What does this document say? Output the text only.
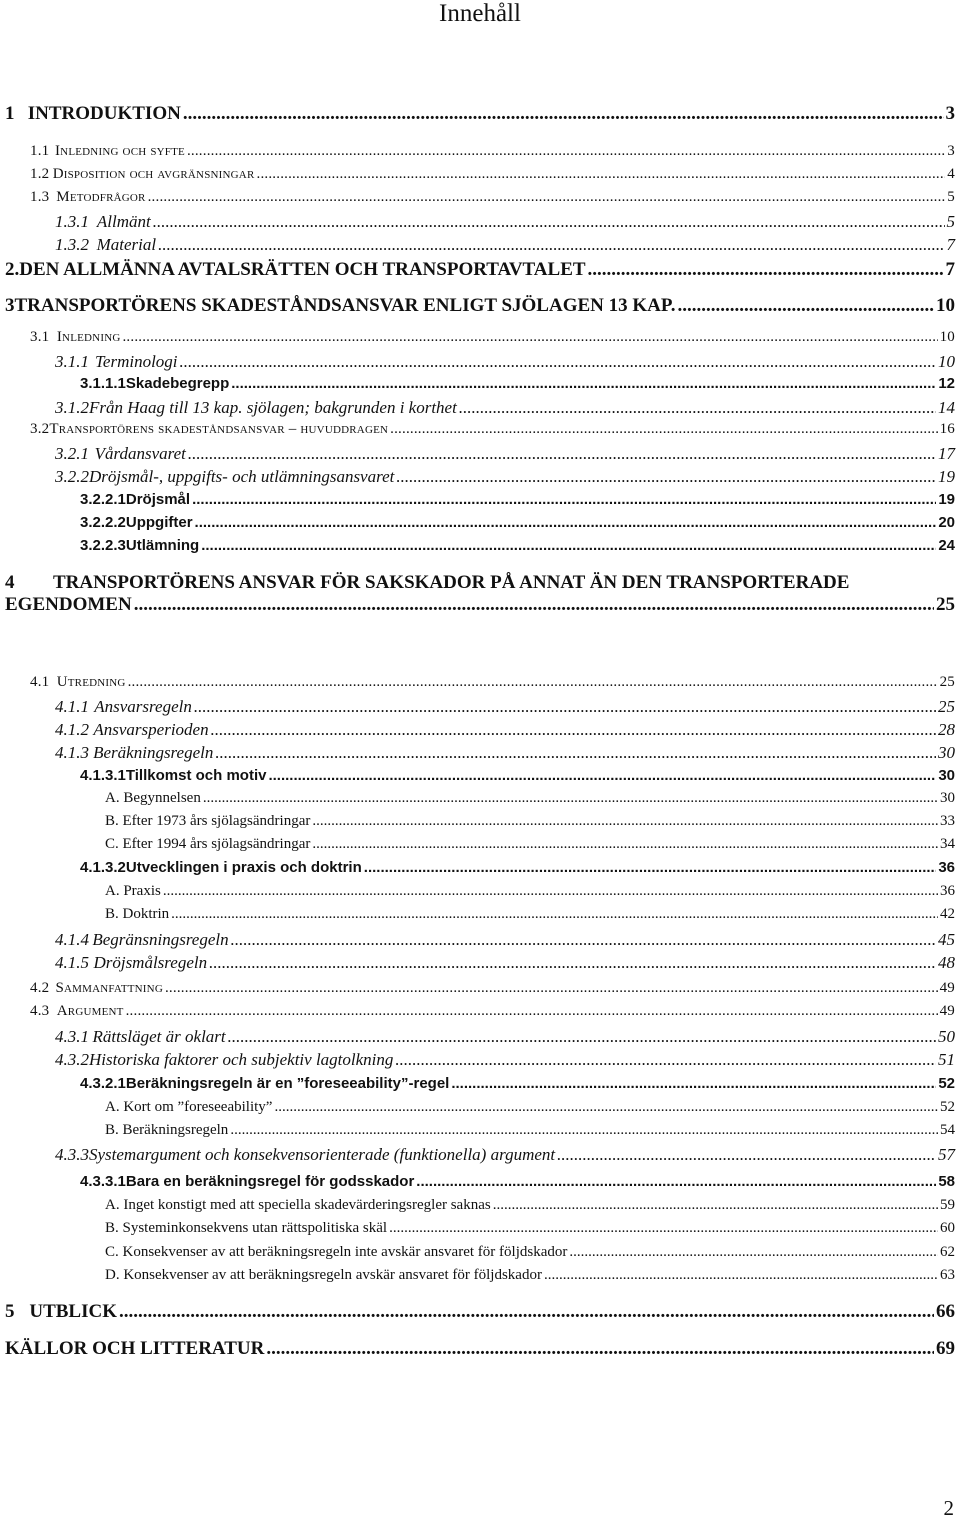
Innehåll
1 INTRODUKTION .....	3
1.1 Inledning och syfte .....	3
1.2 Disposition och avgränsningar .....	4
1.3 Metodfrågor .....	5
1.3.1 Allmänt .....	5
1.3.2 Material .....	7
2. DEN ALLMÄNNA AVTALSRÄTTEN OCH TRANSPORTAVTALET .....	7
3 TRANSPORTÖRENS SKADESTÅNDSANSVAR ENLIGT SJÖLAGEN 13 KAP. .....	10
3.1 Inledning .....	10
3.1.1 Terminologi .....	10
3.1.1.1 Skadebegrepp .....	12
3.1.2 Från Haag till 13 kap. sjölagen; bakgrunden i korthet .....	14
3.2 Transportörens skadeståndsansvar – huvuddragen .....	16
3.2.1 Vårdansvaret .....	17
3.2.2 Dröjsmål-, uppgifts- och utlämningsansvaret .....	19
3.2.2.1 Dröjsmål .....	19
3.2.2.2 Uppgifter .....	20
3.2.2.3 Utlämning .....	24
4 TRANSPORTÖRENS ANSVAR FÖR SAKSKADOR PÅ ANNAT ÄN DEN TRANSPORTERADE
EGENDOMEN .....	25
4.1 Utredning .....	25
4.1.1 Ansvarsregeln .....	25
4.1.2 Ansvarsperioden .....	28
4.1.3 Beräkningsregeln .....	30
4.1.3.1 Tillkomst och motiv .....	30
A. Begynnelsen .....	30
B. Efter 1973 års sjölagsändringar .....	33
C. Efter 1994 års sjölagsändringar .....	34
4.1.3.2 Utvecklingen i praxis och doktrin .....	36
A. Praxis .....	36
B. Doktrin .....	42
4.1.4 Begränsningsregeln .....	45
4.1.5 Dröjsmålsregeln .....	48
4.2 Sammanfattning .....	49
4.3 Argument .....	49
4.3.1 Rättsläget är oklart .....	50
4.3.2 Historiska faktorer och subjektiv lagtolkning .....	51
4.3.2.1 Beräkningsregeln är en ”foreseeability”-regel .....	52
A. Kort om ”foreseeability” .....	52
B. Beräkningsregeln .....	54
4.3.3 Systemargument och konsekvensorienterade (funktionella) argument .....	57
4.3.3.1 Bara en beräkningsregel för godsskador .....	58
A. Inget konstigt med att speciella skadevärderingsregler saknas .....	59
B. Systeminkonsekvens utan rättspolitiska skäl .....	60
C. Konsekvenser av att beräkningsregeln inte avskär ansvaret för följdskador .....	62
D. Konsekvenser av att beräkningsregeln avskär ansvaret för följdskador .....	63
5 UTBLICK .....	66
KÄLLOR OCH LITTERATUR .....	69
2
